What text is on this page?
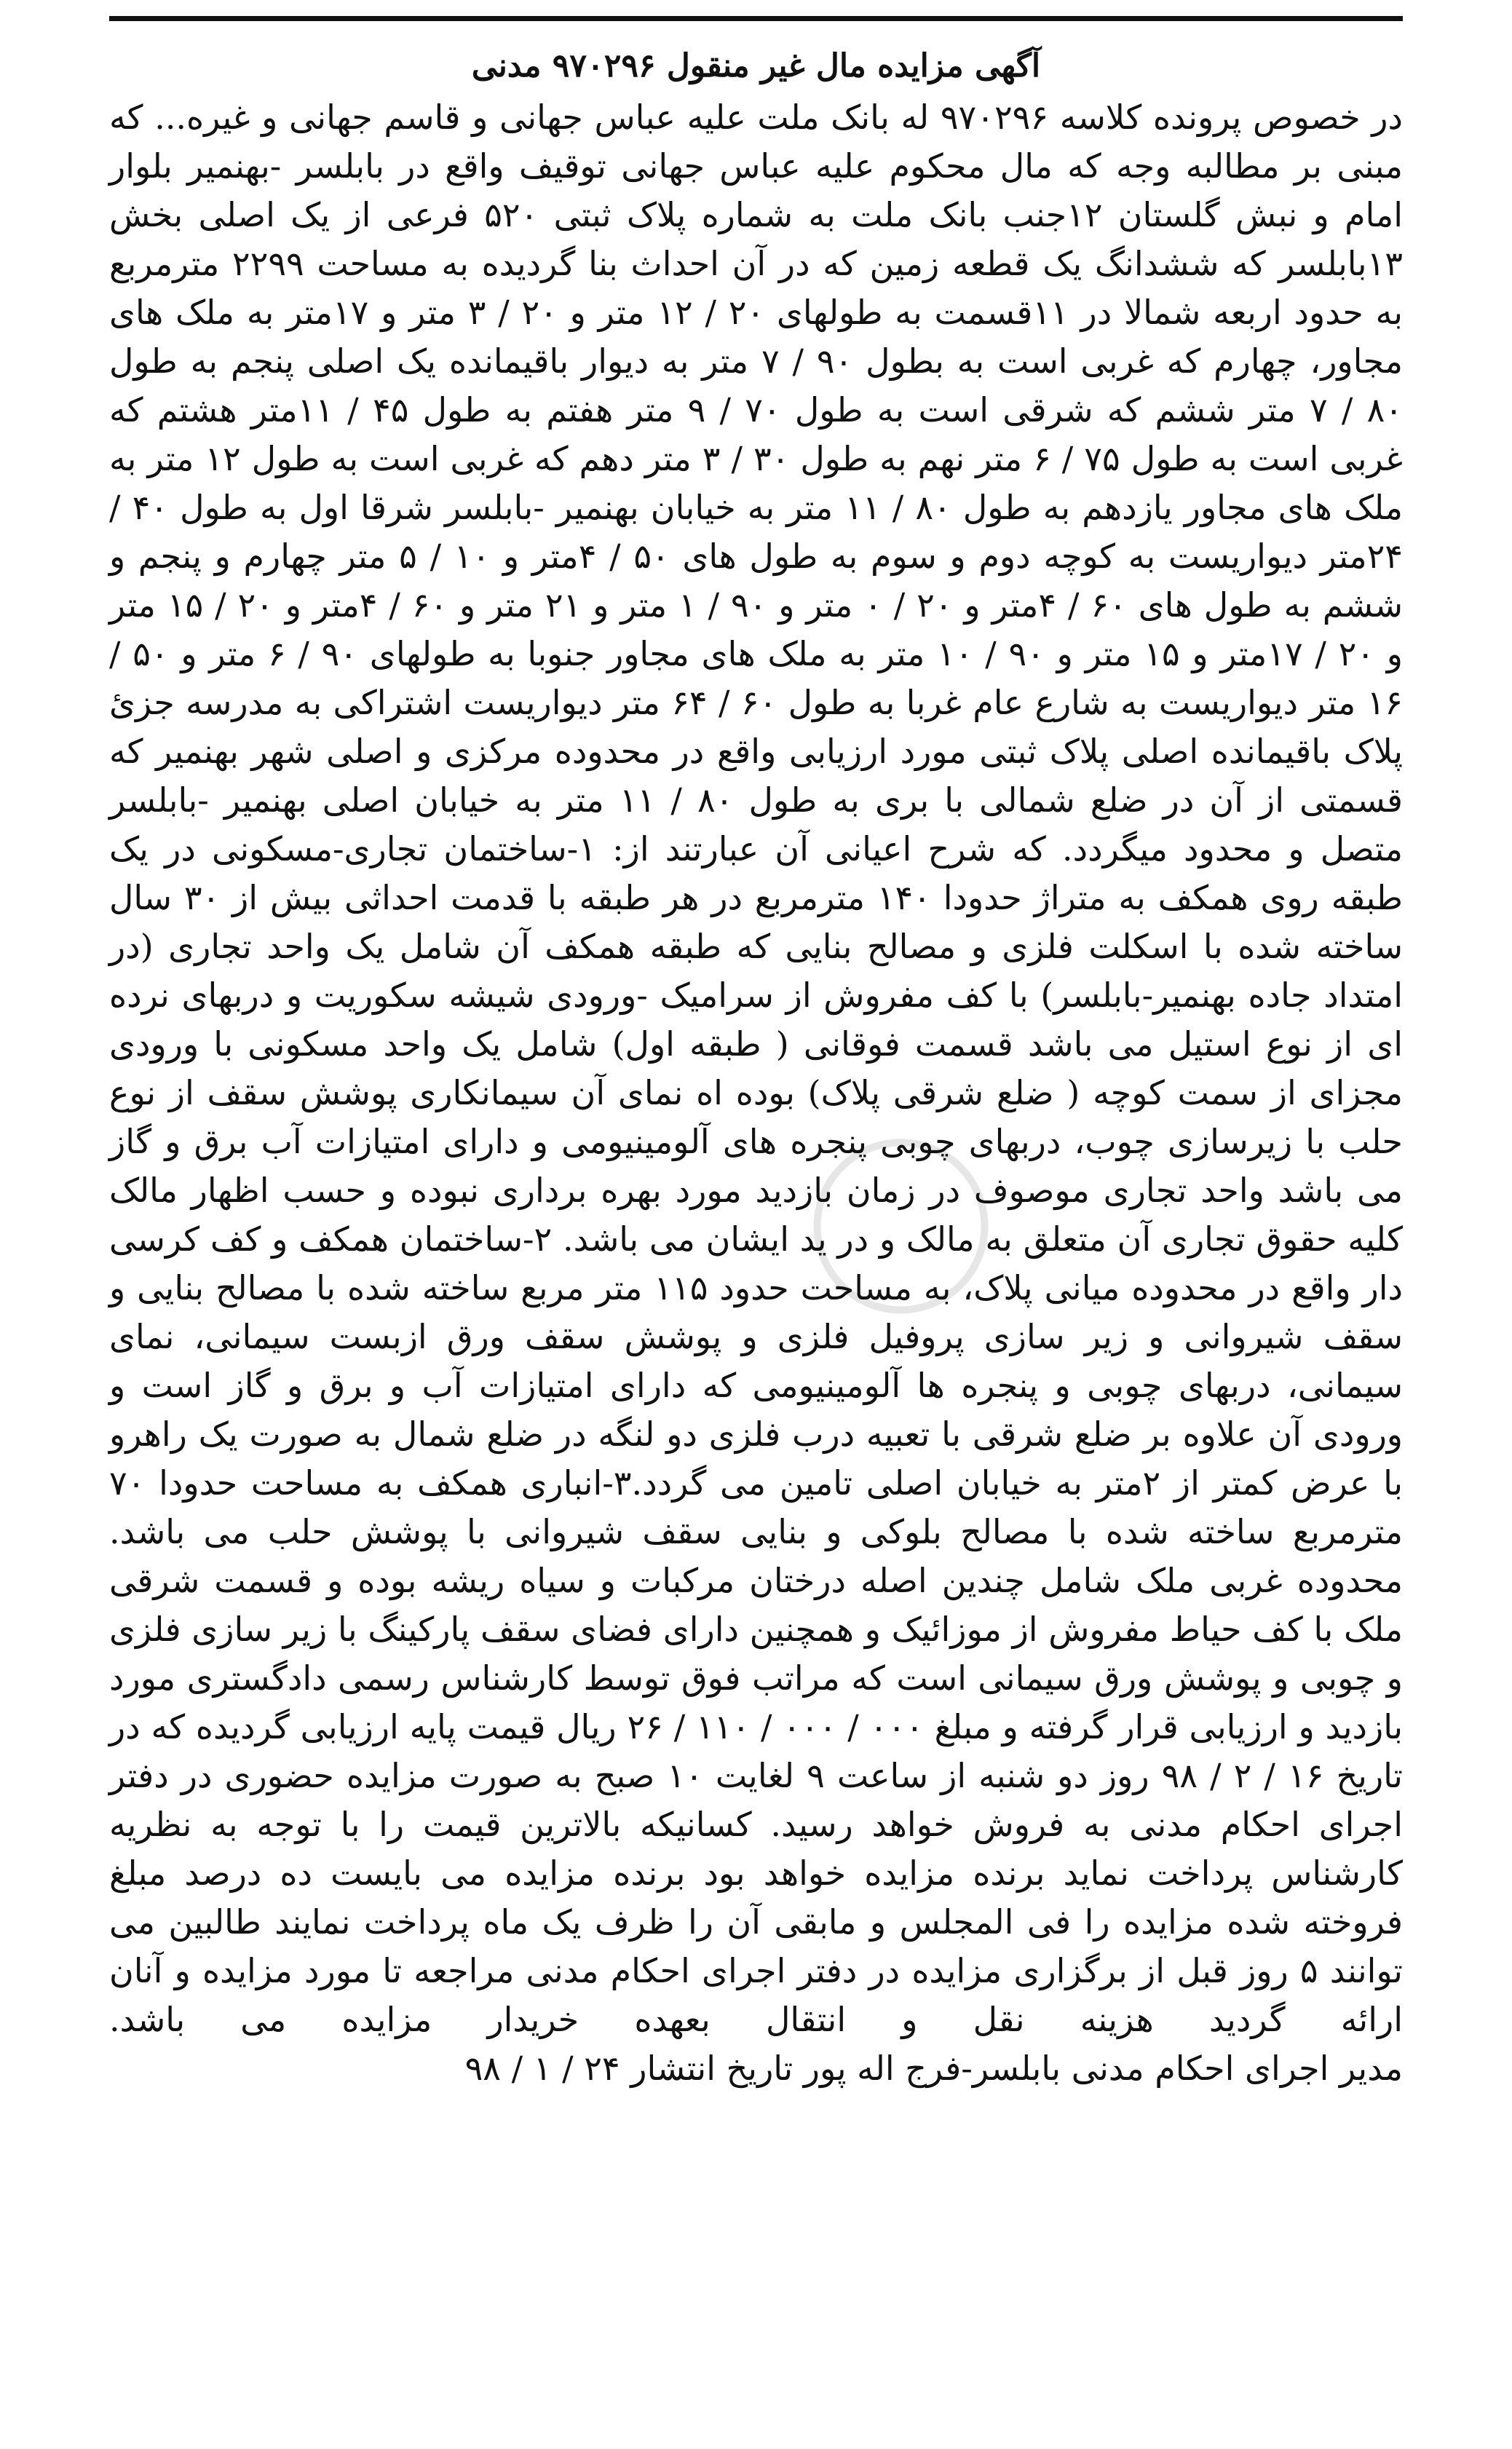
آگهی مزایده مال غیر منقول ۹۷۰۲۹۶ مدنی

در خصوص پرونده کلاسه ۹۷۰۲۹۶ له بانک ملت علیه عباس جهانی و قاسم جهانی و غیره... که مبنی بر مطالبه وجه که مال محکوم علیه عباس جهانی توقیف واقع در بابلسر -بهنمیر بلوار امام و نبش گلستان ۱۲جنب بانک ملت به شماره پلاک ثبتی ۵۲۰ فرعی از یک اصلی بخش ۱۳بابلسر که ششدانگ یک قطعه زمین که در آن احداث بنا گردیده به مساحت ۲۲۹۹ مترمربع به حدود اربعه شمالا در ۱۱قسمت به طولهای ۲۰ / ۱۲ متر و ۲۰ / ۳ متر و ۱۷متر به ملک های مجاور، چهارم که غربی است به بطول ۹۰ / ۷ متر به دیوار باقیمانده یک اصلی پنجم به طول ۸۰ / ۷ متر ششم که شرقی است به طول ۷۰ / ۹ متر هفتم به طول ۴۵ / ۱۱متر هشتم که غربی است به طول ۷۵ / ۶ متر نهم به طول ۳۰ / ۳ متر دهم که غربی است به طول ۱۲ متر به ملک های مجاور یازدهم به طول ۸۰ / ۱۱ متر به خیابان بهنمیر -بابلسر شرقا اول به طول ۴۰ / ۲۴متر دیواریست به کوچه دوم و سوم به طول های ۵۰ / ۴متر و ۱۰ / ۵ متر چهارم و پنجم و ششم به طول های ۶۰ / ۴متر و ۲۰ / ۰ متر و ۹۰ / ۱ متر و ۲۱ متر و ۶۰ / ۴متر و ۲۰ / ۱۵ متر و ۲۰ / ۱۷متر و ۱۵ متر و ۹۰ / ۱۰ متر به ملک های مجاور جنوبا به طولهای ۹۰ / ۶ متر و ۵۰ / ۱۶ متر دیواریست به شارع عام غربا به طول ۶۰ / ۶۴ متر دیواریست اشتراکی به مدرسه جزئ پلاک باقیمانده اصلی پلاک ثبتی مورد ارزیابی واقع در محدوده مرکزی و اصلی شهر بهنمیر که قسمتی از آن در ضلع شمالی با بری به طول ۸۰ / ۱۱ متر به خیابان اصلی بهنمیر -بابلسر متصل و محدود میگردد. که شرح اعیانی آن عبارتند از: ۱-ساختمان تجاری-مسکونی در یک طبقه روی همکف به متراژ حدودا ۱۴۰ مترمربع در هر طبقه با قدمت احداثی بیش از ۳۰ سال ساخته شده با اسکلت فلزی و مصالح بنایی که طبقه همکف آن شامل یک واحد تجاری (در امتداد جاده بهنمیر-بابلسر) با کف مفروش از سرامیک -ورودی شیشه سکوریت و دربهای نرده ای از نوع استیل می باشد قسمت فوقانی ( طبقه اول) شامل یک واحد مسکونی با ورودی مجزای از سمت کوچه ( ضلع شرقی پلاک) بوده اه نمای آن سیمانکاری پوشش سقف از نوع حلب با زیرسازی چوب، دربهای چوبی پنجره های آلومینیومی و دارای امتیازات آب برق و گاز می باشد واحد تجاری موصوف در زمان بازدید مورد بهره برداری نبوده و حسب اظهار مالک کلیه حقوق تجاری آن متعلق به مالک و در ید ایشان می باشد. ۲-ساختمان همکف و کف کرسی دار واقع در محدوده میانی پلاک، به مساحت حدود ۱۱۵ متر مربع ساخته شده با مصالح بنایی و سقف شیروانی و زیر سازی پروفیل فلزی و پوشش سقف ورق ازبست سیمانی، نمای سیمانی، دربهای چوبی و پنجره ها آلومینیومی که دارای امتیازات آب و برق و گاز است و ورودی آن علاوه بر ضلع شرقی با تعبیه درب فلزی دو لنگه در ضلع شمال به صورت یک راهرو با عرض کمتر از ۲متر به خیابان اصلی تامین می گردد.۳-انباری همکف به مساحت حدودا ۷۰ مترمربع ساخته شده با مصالح بلوکی و بنایی سقف شیروانی با پوشش حلب می باشد. محدوده غربی ملک شامل چندین اصله درختان مرکبات و سیاه ریشه بوده و قسمت شرقی ملک با کف حیاط مفروش از موزائیک و همچنین دارای فضای سقف پارکینگ با زیر سازی فلزی و چوبی و پوشش ورق سیمانی است که مراتب فوق توسط کارشناس رسمی دادگستری مورد بازدید و ارزیابی قرار گرفته و مبلغ ۰۰۰ / ۰۰۰ / ۱۱۰ / ۲۶ ریال قیمت پایه ارزیابی گردیده که در تاریخ ۱۶ / ۲ / ۹۸ روز دو شنبه از ساعت ۹ لغایت ۱۰ صبح به صورت مزایده حضوری در دفتر اجرای احکام مدنی به فروش خواهد رسید. کسانیکه بالاترین قیمت را با توجه به نظریه کارشناس پرداخت نماید برنده مزایده خواهد بود برنده مزایده می بایست ده درصد مبلغ فروخته شده مزایده را فی المجلس و مابقی آن را ظرف یک ماه پرداخت نمایند طالبین می توانند ۵ روز قبل از برگزاری مزایده در دفتر اجرای احکام مدنی مراجعه تا مورد مزایده و آنان ارائه گردید هزینه نقل و انتقال بعهده خریدار مزایده می باشد.

مدیر اجرای احکام مدنی بابلسر-فرج اله پور تاریخ انتشار ۲۴ / ۱ / ۹۸
